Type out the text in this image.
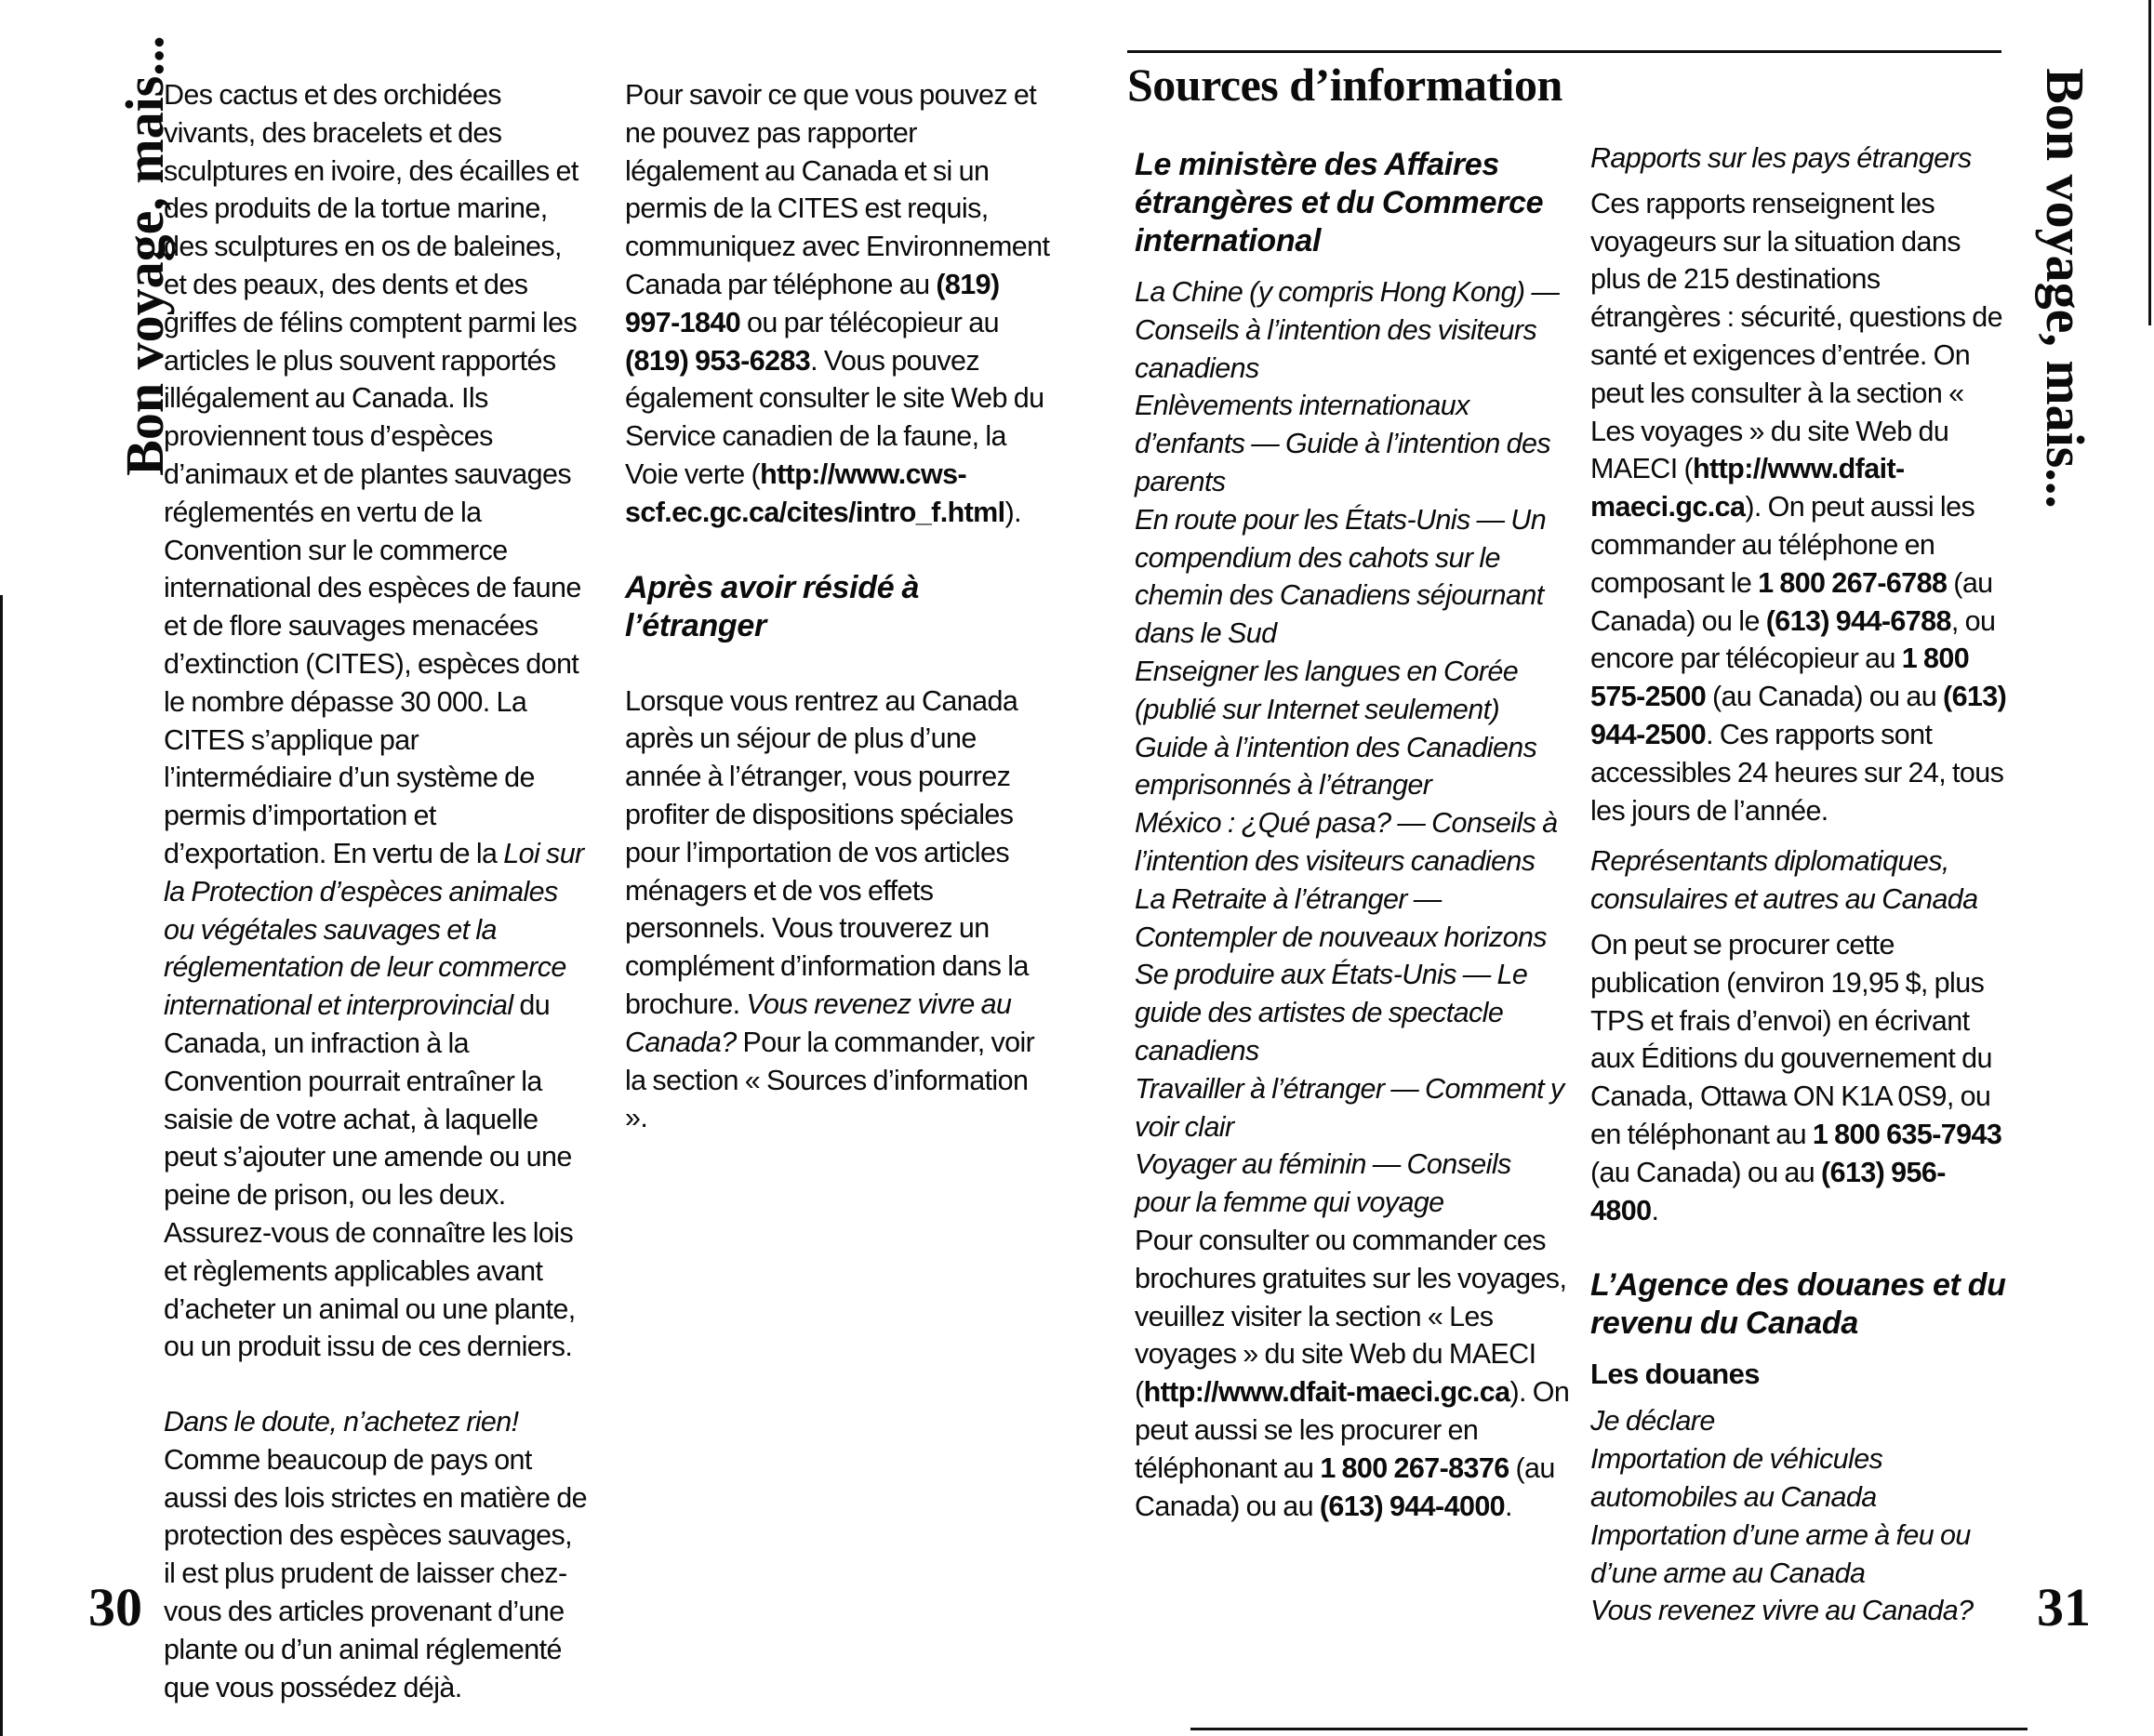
Bon voyage, mais...	Bon voyage, mais...
30	31

Des cactus et des orchidées vivants, des bracelets et des sculptures en ivoire, des écailles et des produits de la tortue marine, des sculptures en os de baleines, et des peaux, des dents et des griffes de félins comptent parmi les articles le plus souvent rapportés illégalement au Canada. Ils proviennent tous d’espèces d’animaux et de plantes sauvages réglementés en vertu de la Convention sur le commerce international des espèces de faune et de flore sauvages menacées d’extinction (CITES), espèces dont le nombre dépasse 30 000. La CITES s’applique par l’intermédiaire d’un système de permis d’importation et d’exportation. En vertu de la Loi sur la Protection d’espèces animales ou végétales sauvages et la réglementation de leur commerce international et interprovincial du Canada, un infraction à la Convention pourrait entraîner la saisie de votre achat, à laquelle peut s’ajouter une amende ou une peine de prison, ou les deux. Assurez-vous de connaître les lois et règlements applicables avant d’acheter un animal ou une plante, ou un produit issu de ces derniers.

Dans le doute, n’achetez rien!
Comme beaucoup de pays ont aussi des lois strictes en matière de protection des espèces sauvages, il est plus prudent de laisser chez-vous des articles provenant d’une plante ou d’un animal réglementé que vous possédez déjà.

Pour savoir ce que vous pouvez et ne pouvez pas rapporter légalement au Canada et si un permis de la CITES est requis, communiquez avec Environnement Canada par téléphone au (819) 997-1840 ou par télécopieur au (819) 953-6283. Vous pouvez également consulter le site Web du Service canadien de la faune, la Voie verte (http://www.cws-scf.ec.gc.ca/cites/intro_f.html).

Après avoir résidé à l’étranger

Lorsque vous rentrez au Canada après un séjour de plus d’une année à l’étranger, vous pourrez profiter de dispositions spéciales pour l’importation de vos articles ménagers et de vos effets personnels. Vous trouverez un complément d’information dans la brochure. Vous revenez vivre au Canada? Pour la commander, voir la section « Sources d’information ».

Sources d’information

Le ministère des Affaires étrangères et du Commerce international

La Chine (y compris Hong Kong) — Conseils à l’intention des visiteurs canadiens

Enlèvements internationaux d’enfants — Guide à l’intention des parents

En route pour les États-Unis — Un compendium des cahots sur le chemin des Canadiens séjournant dans le Sud

Enseigner les langues en Corée (publié sur Internet seulement)

Guide à l’intention des Canadiens emprisonnés à l’étranger

México : ¿Qué pasa? — Conseils à l’intention des visiteurs canadiens

La Retraite à l’étranger — Contempler de nouveaux horizons

Se produire aux États-Unis — Le guide des artistes de spectacle canadiens

Travailler à l’étranger — Comment y voir clair

Voyager au féminin — Conseils pour la femme qui voyage

Pour consulter ou commander ces brochures gratuites sur les voyages, veuillez visiter la section « Les voyages » du site Web du MAECI (http://www.dfait-maeci.gc.ca). On peut aussi se les procurer en téléphonant au 1 800 267-8376 (au Canada) ou au (613) 944-4000.

Rapports sur les pays étrangers

Ces rapports renseignent les voyageurs sur la situation dans plus de 215 destinations étrangères : sécurité, questions de santé et exigences d’entrée. On peut les consulter à la section « Les voyages » du site Web du MAECI (http://www.dfait-maeci.gc.ca). On peut aussi les commander au téléphone en composant le 1 800 267-6788 (au Canada) ou le (613) 944-6788, ou encore par télécopieur au 1 800 575-2500 (au Canada) ou au (613) 944-2500. Ces rapports sont accessibles 24 heures sur 24, tous les jours de l’année.

Représentants diplomatiques, consulaires et autres au Canada

On peut se procurer cette publication (environ 19,95 $, plus TPS et frais d’envoi) en écrivant aux Éditions du gouvernement du Canada, Ottawa ON K1A 0S9, ou en téléphonant au 1 800 635-7943 (au Canada) ou au (613) 956-4800.

L’Agence des douanes et du revenu du Canada

Les douanes

Je déclare

Importation de véhicules automobiles au Canada

Importation d’une arme à feu ou d’une arme au Canada

Vous revenez vivre au Canada?
